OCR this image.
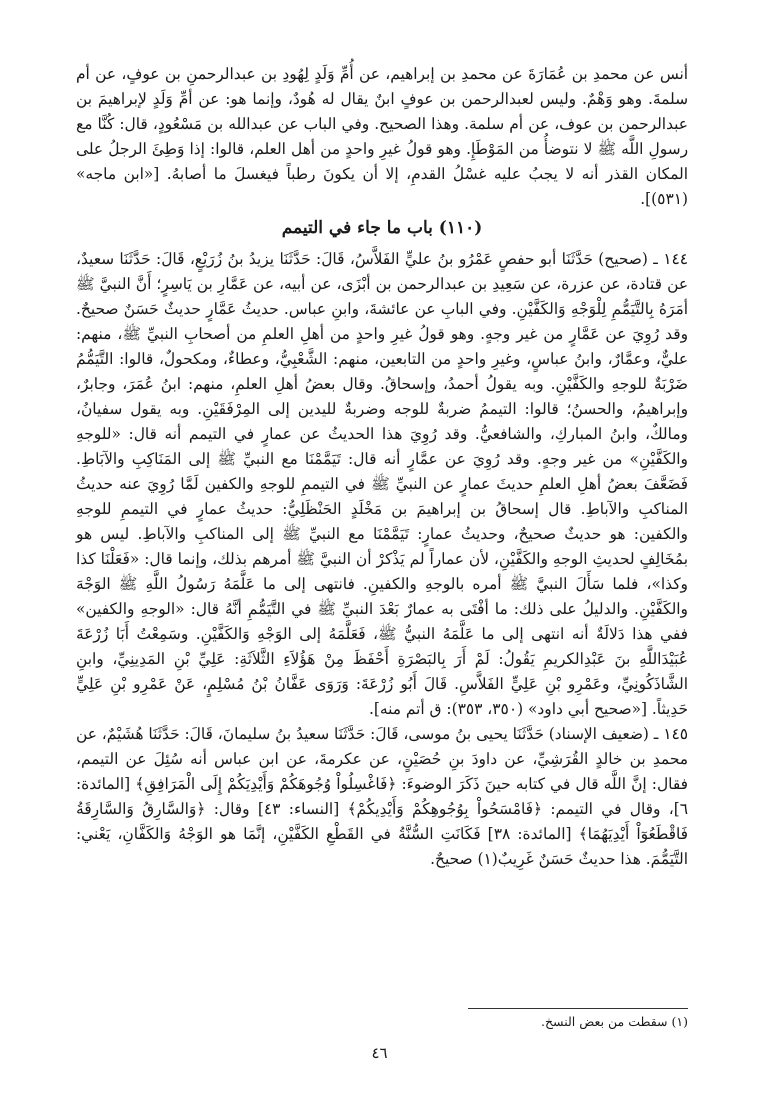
أنس عن محمدِ بن عُمَارَةَ عن محمدِ بن إبراهيم، عن أُمِّ وَلَدٍ لِهُودِ بن عبدالرحمنِ بن عوفٍ، عن أم سلمةَ. وهو وَهْمٌ. وليس لعبدالرحمن بن عوفٍ ابنٌ يقال له هُودٌ، وإنما هو: عن أمِّ وَلَدٍ لإبراهيمَ بن عبدالرحمن بن عوف، عن أم سلمة. وهذا الصحيح. وفي الباب عن عبدالله بن مَسْعُودٍ، قال: كُنَّا مع رسولِ اللَّه ﷺ لا نتوضأُ من المَوْطَإِ. وهو قولُ غيرِ واحدٍ من أهل العلم، قالوا: إذا وَطِئَ الرجلُ على المكان القذر أنه لا يجبُ عليه غسْلُ القدمِ، إلا أن يكونَ رطباً فيغسلَ ما أصابهُ. [«ابن ماجه» (٥٣١)].

(١١٠) باب ما جاء في التيمم

١٤٤ ـ (صحيح) حَدَّثَنَا أبو حفصٍ عَمْرُو بنُ عليٍّ الفَلاَّسُ، قَالَ: حَدَّثَنَا يزيدُ بنُ زُرَيْعٍ، قَالَ: حَدَّثَنَا سعيدٌ، عن قتادة، عن عزرة، عن سَعِيدِ بن عبدالرحمن بن أبْزَى، عن أبيه، عن عَمَّارِ بن يَاسِرٍ؛ أَنَّ النبيَّ ﷺ أمَرَهُ بِالتَّيَمُّمِ لِلْوَجْهِ وَالكَفَّيْنِ. وفي البابِ عن عائشةَ، وابنِ عباس. حديثُ عَمَّارٍ حديثٌ حَسَنٌ صحيحٌ. وقد رُوِيَ عن عَمَّارٍ من غير وجهٍ. وهو قولُ غيرِ واحدٍ من أهلِ العلمِ من أصحابِ النبيِّ ﷺ، منهم: عليٌّ، وعمَّارٌ، وابنُ عباسٍ، وغيرِ واحدٍ من التابعين، منهم: الشَّعْبِيُّ، وعطاءٌ، ومكحولٌ، قالوا: التَّيَمُّمُ ضَرْبَةٌ للوجهِ والكَفَّيْنِ. وبه يقولُ أحمدُ، وإسحاقُ. وقال بعضُ أهلِ العلمِ، منهم: ابنُ عُمَرَ، وجابرٌ، وإبراهيمُ، والحسنُ؛ قالوا: التيممُ ضربةٌ للوجه وضربةٌ لليدين إلى المِرْفَقَيْنِ. وبه يقول سفيانُ، ومالكٌ، وابنُ المباركِ، والشافعيُّ. وقد رُوِيَ هذا الحديثُ عن عمارٍ في التيمم أنه قال: «للوجهِ والكَفَّيْنِ» من غير وجهٍ. وقد رُوِيَ عن عمَّارٍ أنه قال: تَيَمَّمْنَا مع النبيِّ ﷺ إلى المَنَاكِبِ والآبَاطِ. فَضَعَّفَ بعضُ أهلِ العلمِ حديثَ عمارٍ عن النبيِّ ﷺ في التيممِ للوجهِ والكفين لَمَّا رُوِيَ عنه حديثُ المناكبِ والآباطِ. قال إسحاقُ بن إبراهيمَ بن مَخْلَدٍ الحَنْظَلِيُّ: حديثُ عمارٍ في التيممِ للوجهِ والكفين: هو حديثٌ صحيحٌ، وحديثُ عمارٍ: تَيَمَّمْنَا مع النبيِّ ﷺ إلى المناكبِ والآباطِ. ليس هو بمُخَالِفٍ لحديثِ الوجهِ والكَفَّيْنِ، لأن عماراً لم يَذْكرْ أن النبيَّ ﷺ أمرهم بذلك، وإنما قال: «فَعَلْنَا كذا وكذا»، فلما سَأَلَ النبيَّ ﷺ أمره بالوجهِ والكفينِ. فانتهى إلى ما عَلَّمَهُ رَسُولُ اللَّهِ ﷺ الوَجْهَ والكَفَّيْنِ. والدليلُ على ذلك: ما أفْتَى به عمارٌ بَعْدَ النبيِّ ﷺ في التَّيَمُّمِ أنَّهُ قال: «الوجهِ والكفين» ففي هذا دَلالَةٌ أنه انتهى إلى ما عَلَّمَهُ النبيُّ ﷺ، فَعَلَّمَهُ إلى الوَجْهِ وَالكَفَّيْنِ. وسَمِعْتُ أَبَا زُرْعَةَ عُبَيْدَاللَّهِ بنَ عَبْدِالكريمِ يَقُولُ: لَمْ أَرَ بِالبَصْرَةِ أَحْفَظَ مِنْ هَؤُلاَءِ الثَّلاَثَةِ: عَلِيِّ بْنِ المَدِينِيِّ، وابنِ الشَّاذَكُونِيِّ، وعَمْرِو بْنِ عَلِيٍّ الفَلاَّسِ. قَالَ أَبُو زُرْعَةَ: وَرَوَى عَفَّانُ بْنُ مُسْلِمٍ، عَنْ عَمْرِو بْنِ عَلِيٍّ حَدِيثاً. [«صحيح أبي داود» (٣٥٠، ٣٥٣): ق أتم منه].

١٤٥ ـ (ضعيف الإسناد) حَدَّثَنَا يحيى بنُ موسى، قَالَ: حَدَّثَنَا سعيدُ بنُ سليمانَ، قَالَ: حَدَّثَنَا هُشَيْمٌ، عن محمدِ بن خالدٍ القُرَشِيِّ، عن داودَ بنِ حُصَيْنٍ، عن عكرمةَ، عن ابن عباس أنه سُئِلَ عن التيمم، فقال: إنَّ اللَّه قال في كتابه حينَ ذَكَرَ الوضوءَ: ﴿فَاغْسِلُواْ وُجُوهَكُمْ وَأَيْدِيَكُمْ إِلَى الْمَرَافِقِ﴾ [المائدة: ٦]، وقال في التيمم: ﴿فَامْسَحُواْ بِوُجُوهِكُمْ وَأَيْدِيكُمْ﴾ [النساء: ٤٣] وقال: ﴿وَالسَّارِقُ وَالسَّارِقَةُ فَاقْطَعُوٓاْ أَيْدِيَهُمَا﴾ [المائدة: ٣٨] فَكَانَتِ السُّنَّةُ في القَطْعِ الكَفَّيْنِ، إنَّمَا هو الوَجْهُ وَالكَفَّانِ، يَعْني: التَّيَمُّمَ. هذا حديثٌ حَسَنٌ غَرِيبٌ(١) صحيحٌ.

(١) سقطت من بعض النسخ.
٤٦
